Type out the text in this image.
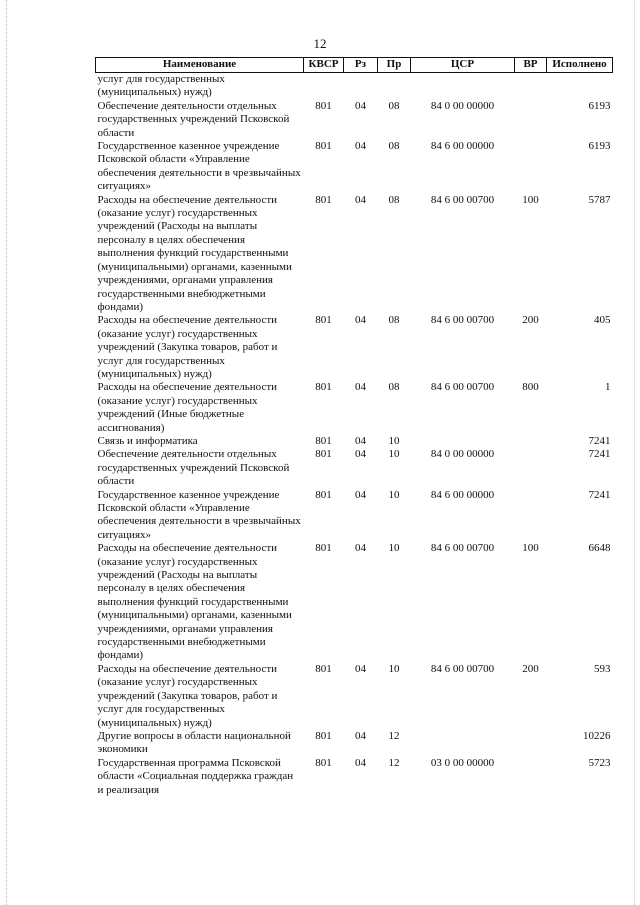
12
Наименование	КВСР	Рз	Пр	ЦСР	ВР	Исполнено
услуг для государственных (муниципальных) нужд)						
Обеспечение деятельности отдельных государственных учреждений Псковской области	801	04	08	84 0 00 00000		6193
Государственное казенное учреждение Псковской области «Управление обеспечения деятельности в чрезвычайных ситуациях»	801	04	08	84 6 00 00000		6193
Расходы на обеспечение деятельности (оказание услуг) государственных учреждений (Расходы на выплаты персоналу в целях обеспечения выполнения функций государственными (муниципальными) органами, казенными учреждениями, органами управления государственными внебюджетными фондами)	801	04	08	84 6 00 00700	100	5787
Расходы на обеспечение деятельности (оказание услуг) государственных учреждений (Закупка товаров, работ и услуг для государственных (муниципальных) нужд)	801	04	08	84 6 00 00700	200	405
Расходы на обеспечение деятельности (оказание услуг) государственных учреждений (Иные бюджетные ассигнования)	801	04	08	84 6 00 00700	800	1
Связь и информатика	801	04	10			7241
Обеспечение деятельности отдельных государственных учреждений Псковской области	801	04	10	84 0 00 00000		7241
Государственное казенное учреждение Псковской области «Управление обеспечения деятельности в чрезвычайных ситуациях»	801	04	10	84 6 00 00000		7241
Расходы на обеспечение деятельности (оказание услуг) государственных учреждений (Расходы на выплаты персоналу в целях обеспечения выполнения функций государственными (муниципальными) органами, казенными учреждениями, органами управления государственными внебюджетными фондами)	801	04	10	84 6 00 00700	100	6648
Расходы на обеспечение деятельности (оказание услуг) государственных учреждений (Закупка товаров, работ и услуг для государственных (муниципальных) нужд)	801	04	10	84 6 00 00700	200	593
Другие вопросы в области национальной экономики	801	04	12			10226
Государственная программа Псковской области «Социальная поддержка граждан и реализация	801	04	12	03 0 00 00000		5723
